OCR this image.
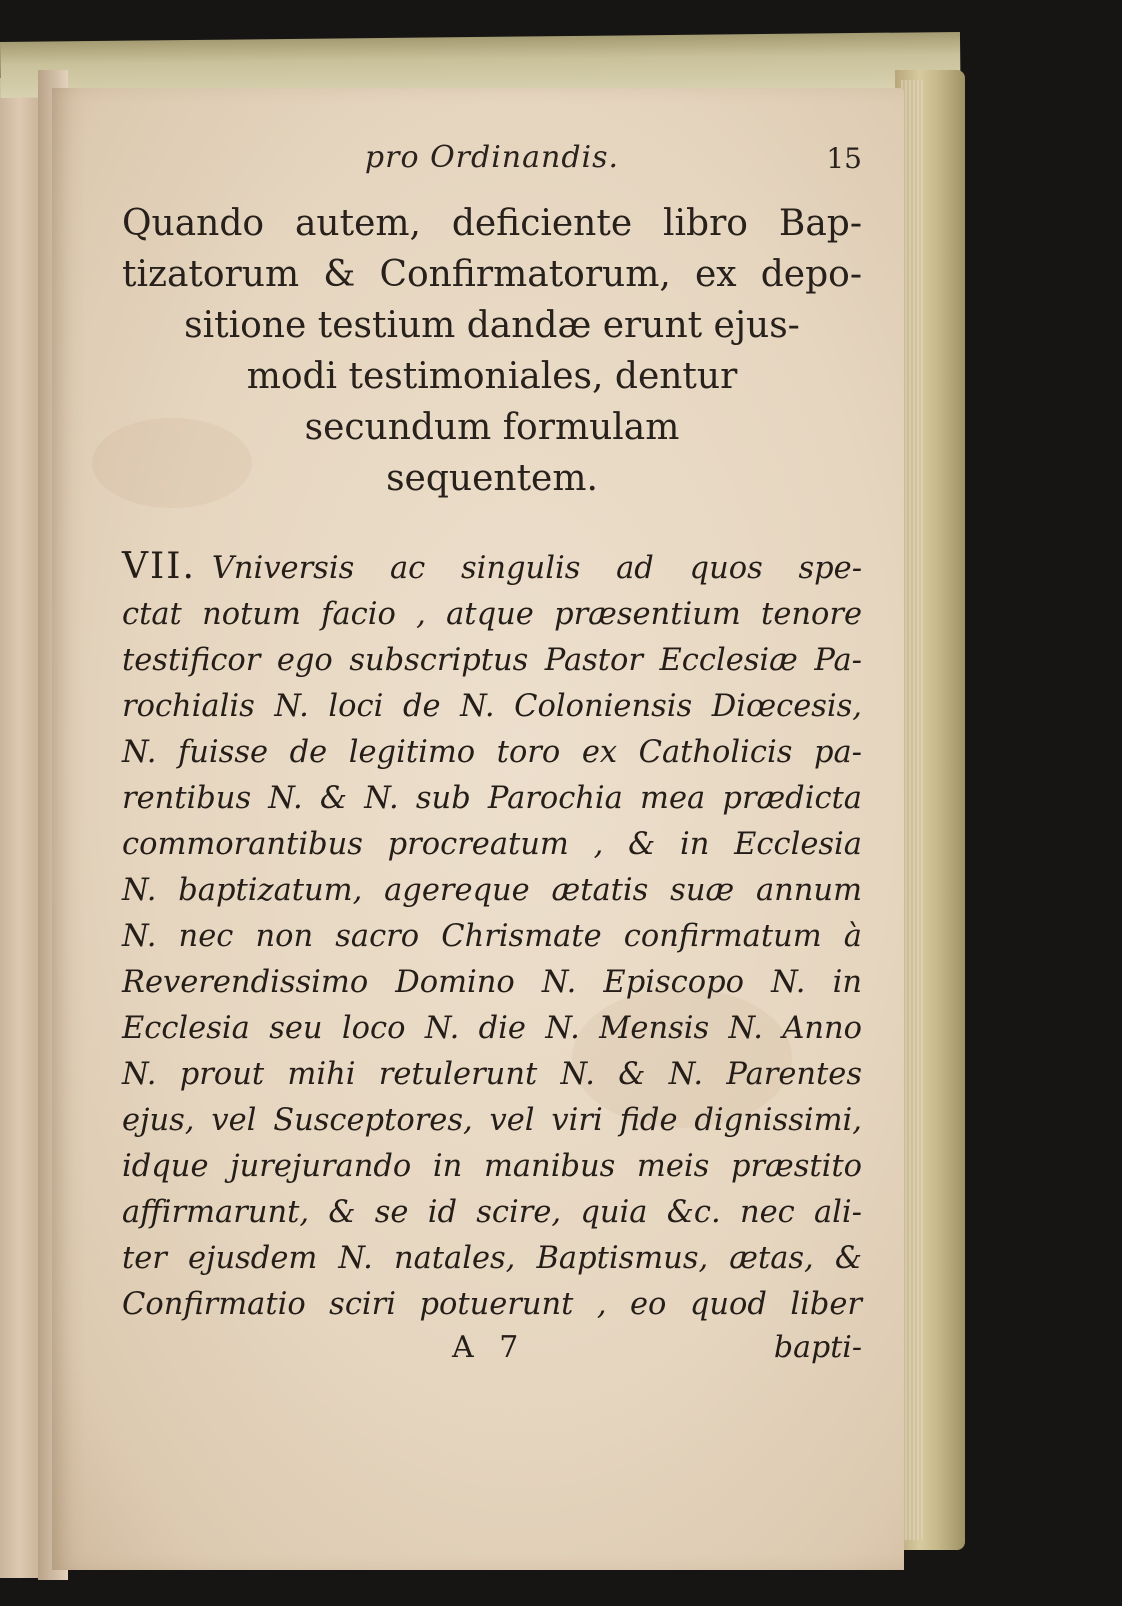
pro Ordinandis.	15
Quando autem, deficiente libro Bap-
tizatorum & Confirmatorum, ex depo-
sitione testium dandæ erunt ejus-
modi testimoniales, dentur
secundum formulam
sequentem.
VII. Vniversis ac singulis ad quos spe-
ctat notum facio , atque præsentium tenore
testificor ego subscriptus Pastor Ecclesiæ Pa-
rochialis N. loci de N. Coloniensis Diœcesis,
N. fuisse de legitimo toro ex Catholicis pa-
rentibus N. & N. sub Parochia mea prædicta
commorantibus procreatum , & in Ecclesia
N. baptizatum, agereque ætatis suæ annum
N. nec non sacro Chrismate confirmatum à
Reverendissimo Domino N. Episcopo N. in
Ecclesia seu loco N. die N. Mensis N. Anno
N. prout mihi retulerunt N. & N. Parentes
ejus, vel Susceptores, vel viri fide dignissimi,
idque jurejurando in manibus meis præstito
affirmarunt, & se id scire, quia &c. nec ali-
ter ejusdem N. natales, Baptismus, ætas, &
Confirmatio sciri potuerunt , eo quod liber
A 7	bapti-
